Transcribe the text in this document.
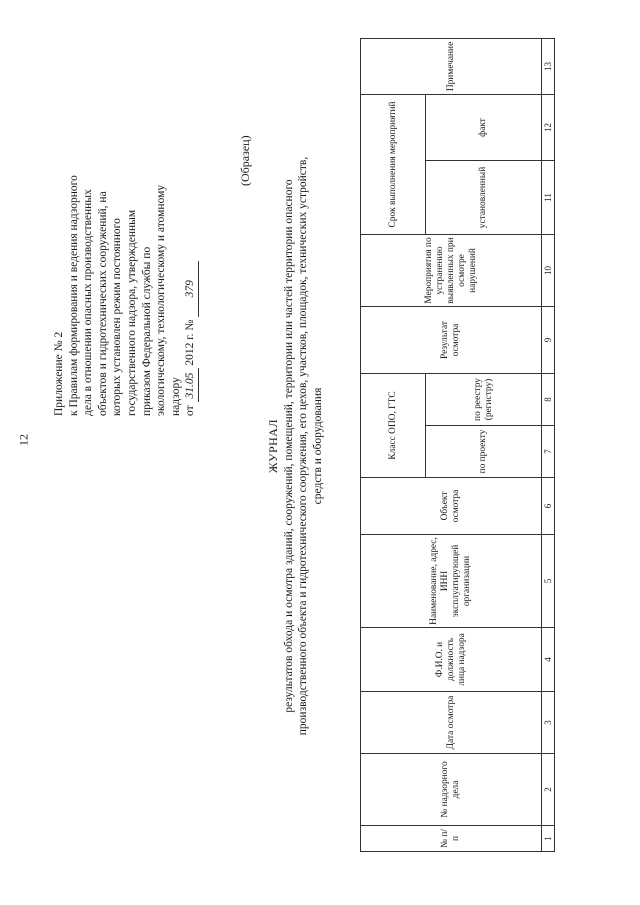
12
Приложение № 2 к Правилам формирования и ведения надзорного дела в отношении опасных производственных объектов и гидротехнических сооружений, на которых установлен режим постоянного государственного надзора, утвержденным приказом Федеральной службы по экологическому, технологическому и атомному надзору от 31.05 2012 г. № 379
(Образец)
ЖУРНАЛ результатов обхода и осмотра зданий, сооружений, помещений, территории или частей территории опасного производственного объекта и гидротехнического сооружения, его цехов, участков, площадок, технических устройств, средств и оборудования
№ п/п	№ надзорного дела	Дата осмотра	Ф.И.О. и должность лица надзора	Наименование, адрес, ИНН эксплуатирующей организации	Объект осмотра	Класс ОПО, ГТС		Результат осмотра	Мероприятия по устранению выявленных при осмотре нарушений	Срок выполнения мероприятий		Примечание
						по проекту	по реестру (регистру)			установленный	факт	
1	2	3	4	5	6	7	8	9	10	11	12	13
